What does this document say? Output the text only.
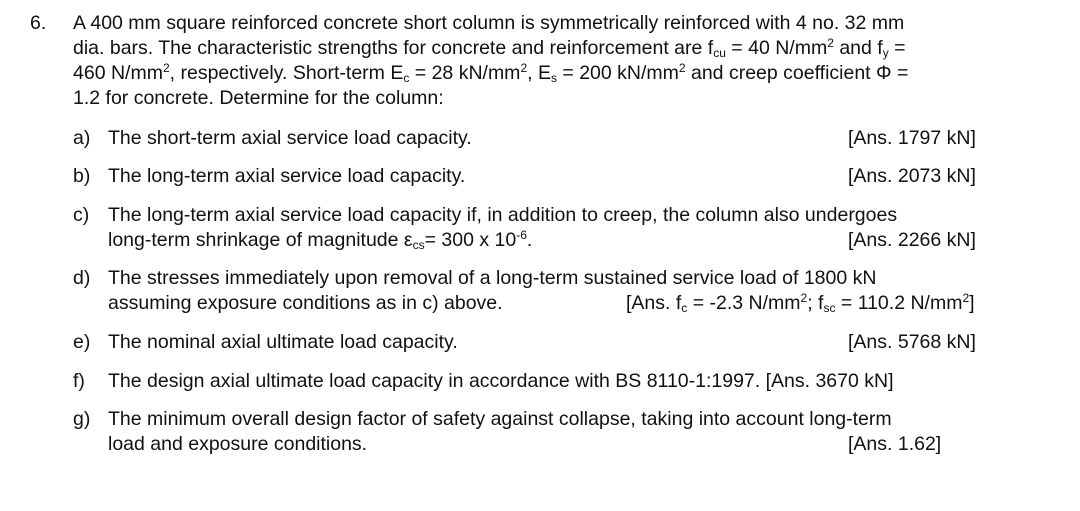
6. A 400 mm square reinforced concrete short column is symmetrically reinforced with 4 no. 32 mm
dia. bars. The characteristic strengths for concrete and reinforcement are $f_{cu} = 40$ $N/mm^2$ and $f_y$ =
460 $N/mm^2$, respectively. Short-term $E_c = 28$ $kN/mm^2$, $E_s = 200$ $kN/mm^2$ and creep coefficient Φ =
1.2 for concrete. Determine for the column:
a) The short-term axial service load capacity.	[Ans. 1797 kN]
b) The long-term axial service load capacity.	[Ans. 2073 kN]
c) The long-term axial service load capacity if, in addition to creep, the column also undergoes
long-term shrinkage of magnitude $\varepsilon_{cs}= 300$ x $10^{-6}$.	[Ans. 2266 kN]
d) The stresses immediately upon removal of a long-term sustained service load of 1800 kN
assuming exposure conditions as in c) above.	[Ans. $f_c = -2.3$ $N/mm^2$; $f_{sc} = 110.2$ $N/mm^2$]
e) The nominal axial ultimate load capacity.	[Ans. 5768 kN]
f) The design axial ultimate load capacity in accordance with BS 8110-1:1997. [Ans. 3670 kN]
g) The minimum overall design factor of safety against collapse, taking into account long-term
load and exposure conditions.	[Ans. 1.62]
